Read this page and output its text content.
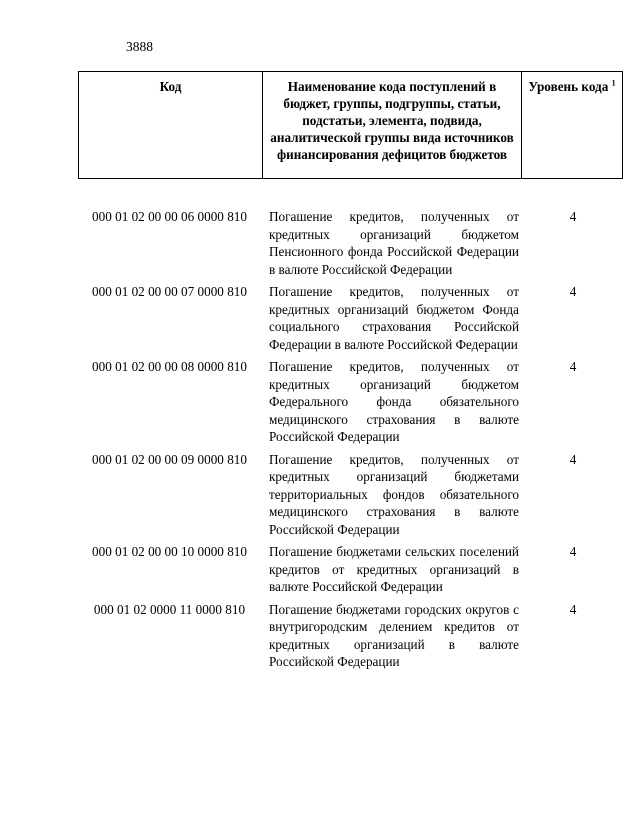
3888
Код	Наименование кода поступлений в бюджет, группы, подгруппы, статьи, подстатьи, элемента, подвида, аналитической группы вида источников финансирования дефицитов бюджетов	Уровень кода $^1$
000 01 02 00 00 06 0000 810	Погашение кредитов, полученных от кредитных организаций бюджетом Пенсионного фонда Российской Федерации в валюте Российской Федерации	4
000 01 02 00 00 07 0000 810	Погашение кредитов, полученных от кредитных организаций бюджетом Фонда социального страхования Российской Федерации в валюте Российской Федерации	4
000 01 02 00 00 08 0000 810	Погашение кредитов, полученных от кредитных организаций бюджетом Федерального фонда обязательного медицинского страхования в валюте Российской Федерации	4
000 01 02 00 00 09 0000 810	Погашение кредитов, полученных от кредитных организаций бюджетами территориальных фондов обязательного медицинского страхования в валюте Российской Федерации	4
000 01 02 00 00 10 0000 810	Погашение бюджетами сельских поселений кредитов от кредитных организаций в валюте Российской Федерации	4
000 01 02 0000 11 0000 810	Погашение бюджетами городских округов с внутригородским делением кредитов от кредитных организаций в валюте Российской Федерации	4
